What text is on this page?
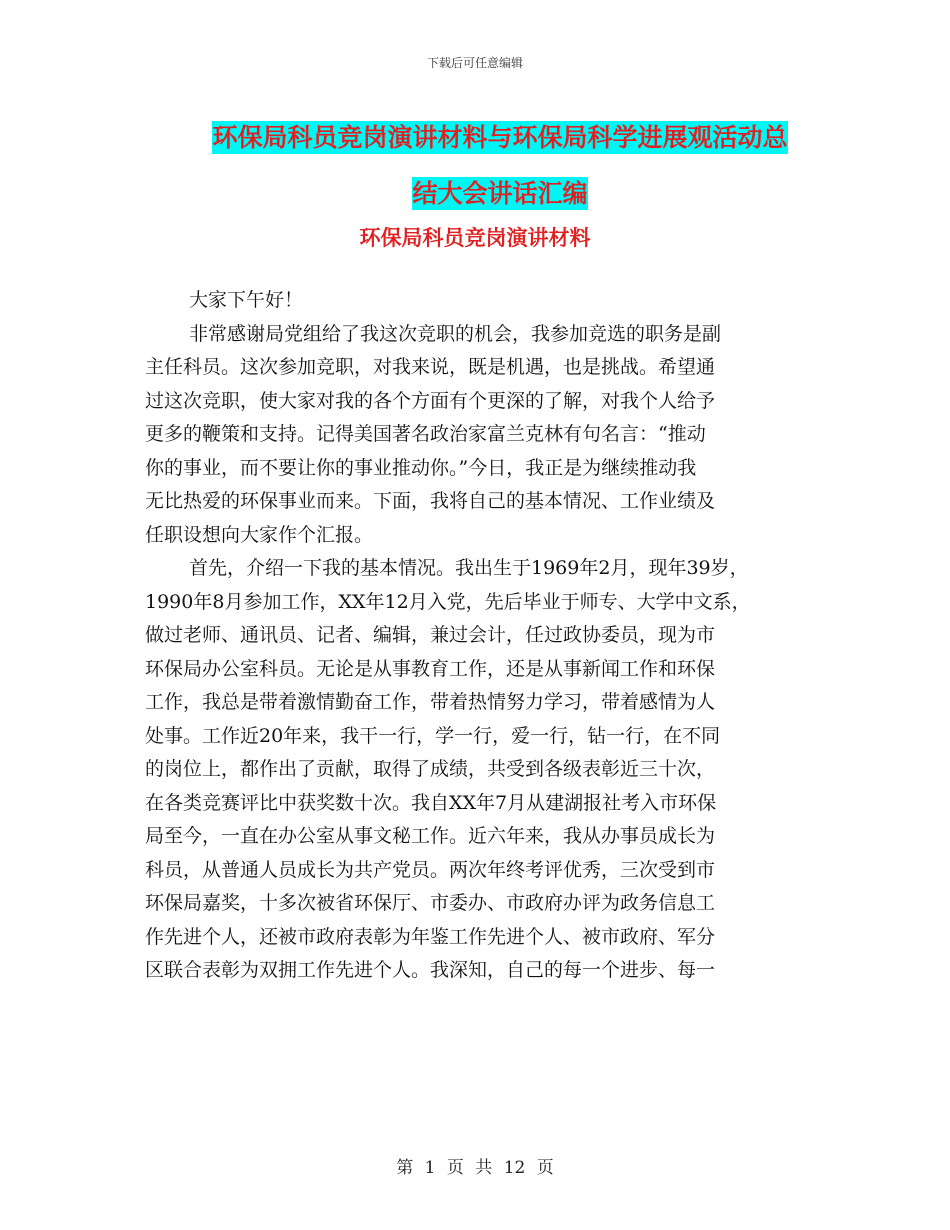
下载后可任意编辑
环保局科员竞岗演讲材料与环保局科学进展观活动总
结大会讲话汇编
环保局科员竞岗演讲材料
大家下午好！
非常感谢局党组给了我这次竞职的机会，我参加竞选的职务是副
主任科员。这次参加竞职，对我来说，既是机遇，也是挑战。希望通
过这次竞职，使大家对我的各个方面有个更深的了解，对我个人给予
更多的鞭策和支持。记得美国著名政治家富兰克林有句名言：“推动
你的事业，而不要让你的事业推动你。”今日，我正是为继续推动我
无比热爱的环保事业而来。下面，我将自己的基本情况、工作业绩及
任职设想向大家作个汇报。
首先，介绍一下我的基本情况。我出生于1969年2月，现年39岁，
1990年8月参加工作，XX年12月入党，先后毕业于师专、大学中文系，
做过老师、通讯员、记者、编辑，兼过会计，任过政协委员，现为市
环保局办公室科员。无论是从事教育工作，还是从事新闻工作和环保
工作，我总是带着激情勤奋工作，带着热情努力学习，带着感情为人
处事。工作近20年来，我干一行，学一行，爱一行，钻一行，在不同
的岗位上，都作出了贡献，取得了成绩，共受到各级表彰近三十次，
在各类竞赛评比中获奖数十次。我自XX年7月从建湖报社考入市环保
局至今，一直在办公室从事文秘工作。近六年来，我从办事员成长为
科员，从普通人员成长为共产党员。两次年终考评优秀，三次受到市
环保局嘉奖，十多次被省环保厅、市委办、市政府办评为政务信息工
作先进个人，还被市政府表彰为年鉴工作先进个人、被市政府、军分
区联合表彰为双拥工作先进个人。我深知，自己的每一个进步、每一
第 1 页 共 12 页
